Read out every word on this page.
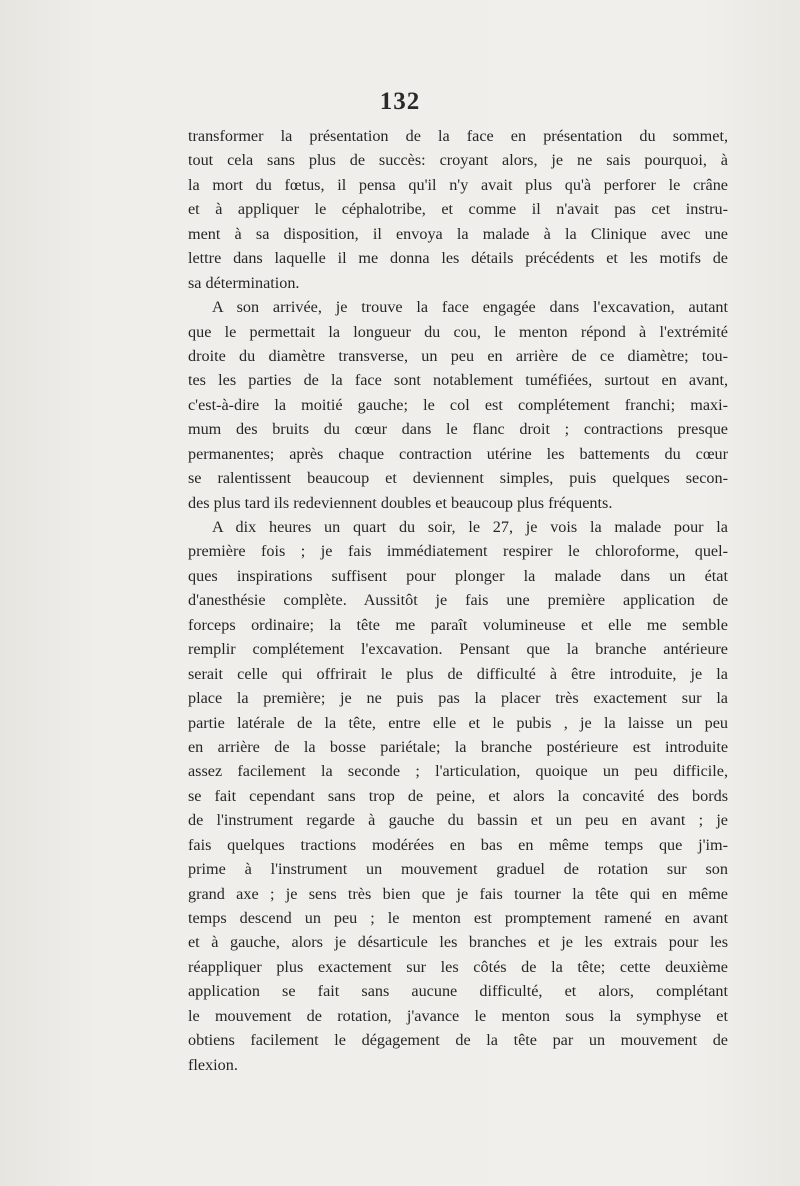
132
transformer la présentation de la face en présentation du sommet,
tout cela sans plus de succès: croyant alors, je ne sais pourquoi, à
la mort du fœtus, il pensa qu'il n'y avait plus qu'à perforer le crâne
et à appliquer le céphalotribe, et comme il n'avait pas cet instru-
ment à sa disposition, il envoya la malade à la Clinique avec une
lettre dans laquelle il me donna les détails précédents et les motifs de
sa détermination.
A son arrivée, je trouve la face engagée dans l'excavation, autant
que le permettait la longueur du cou, le menton répond à l'extrémité
droite du diamètre transverse, un peu en arrière de ce diamètre; tou-
tes les parties de la face sont notablement tuméfiées, surtout en avant,
c'est-à-dire la moitié gauche; le col est complétement franchi; maxi-
mum des bruits du cœur dans le flanc droit ; contractions presque
permanentes; après chaque contraction utérine les battements du cœur
se ralentissent beaucoup et deviennent simples, puis quelques secon-
des plus tard ils redeviennent doubles et beaucoup plus fréquents.
A dix heures un quart du soir, le 27, je vois la malade pour la
première fois ; je fais immédiatement respirer le chloroforme, quel-
ques inspirations suffisent pour plonger la malade dans un état
d'anesthésie complète. Aussitôt je fais une première application de
forceps ordinaire; la tête me paraît volumineuse et elle me semble
remplir complétement l'excavation. Pensant que la branche antérieure
serait celle qui offrirait le plus de difficulté à être introduite, je la
place la première; je ne puis pas la placer très exactement sur la
partie latérale de la tête, entre elle et le pubis , je la laisse un peu
en arrière de la bosse pariétale; la branche postérieure est introduite
assez facilement la seconde ; l'articulation, quoique un peu difficile,
se fait cependant sans trop de peine, et alors la concavité des bords
de l'instrument regarde à gauche du bassin et un peu en avant ; je
fais quelques tractions modérées en bas en même temps que j'im-
prime à l'instrument un mouvement graduel de rotation sur son
grand axe ; je sens très bien que je fais tourner la tête qui en même
temps descend un peu ; le menton est promptement ramené en avant
et à gauche, alors je désarticule les branches et je les extrais pour les
réappliquer plus exactement sur les côtés de la tête; cette deuxième
application se fait sans aucune difficulté, et alors, complétant
le mouvement de rotation, j'avance le menton sous la symphyse et
obtiens facilement le dégagement de la tête par un mouvement de
flexion.
